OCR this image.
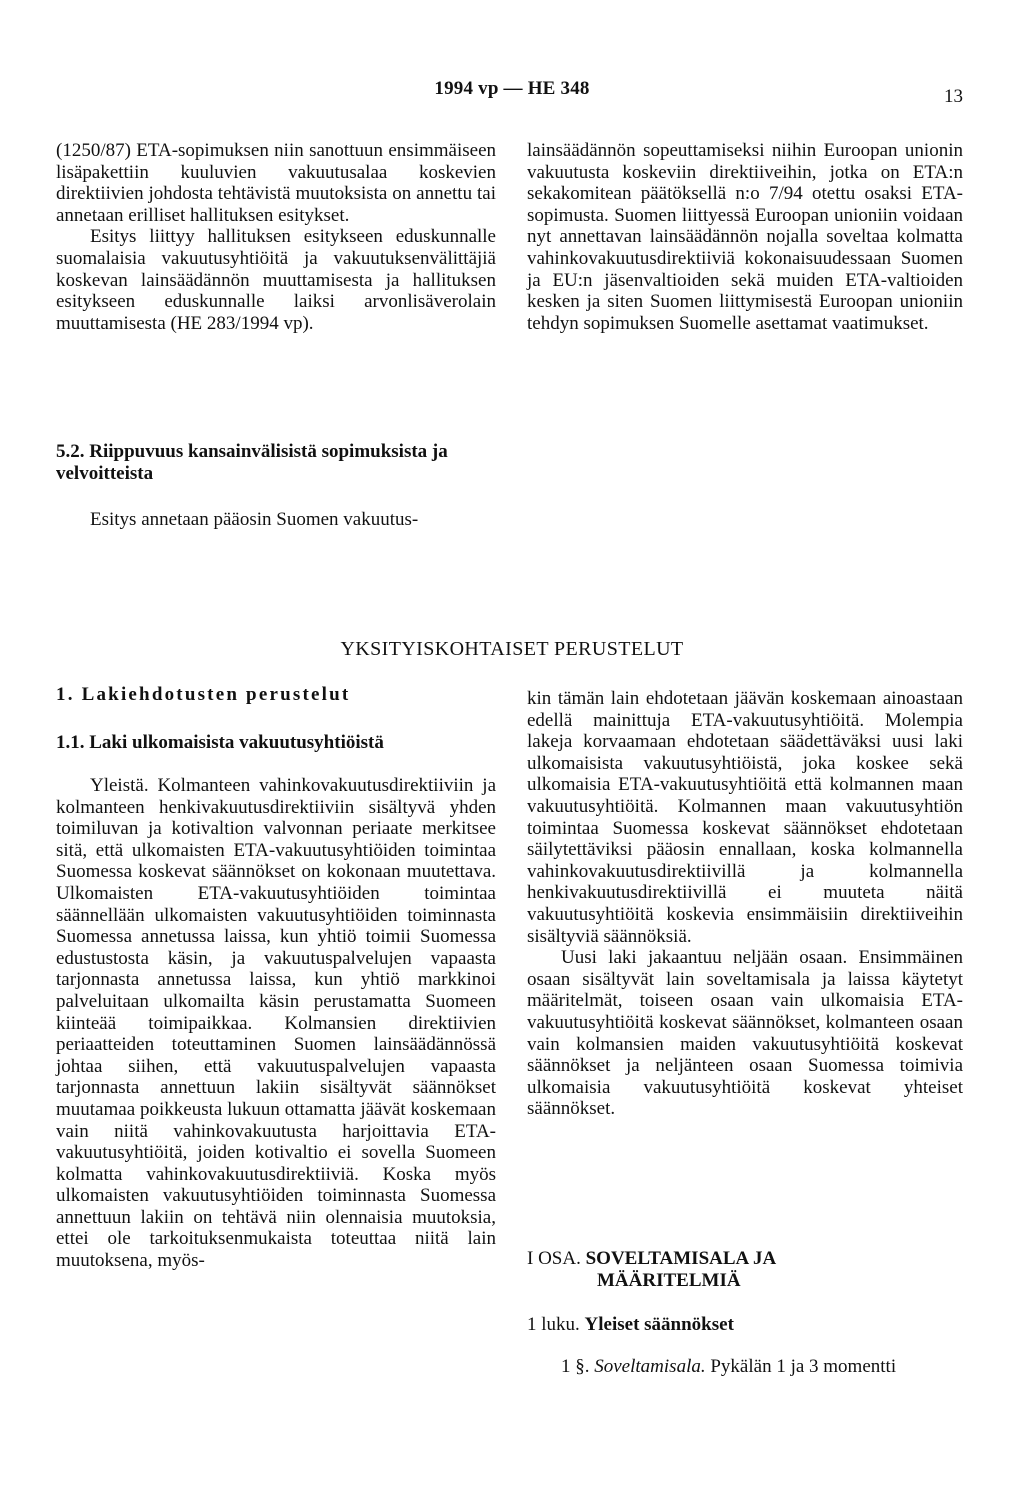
1994 vp — HE 348	13

(1250/87) ETA-sopimuksen niin sanottuun ensimmäiseen lisäpakettiin kuuluvien vakuutusalaa koskevien direktiivien johdosta tehtävistä muutoksista on annettu tai annetaan erilliset hallituksen esitykset.

Esitys liittyy hallituksen esitykseen eduskunnalle suomalaisia vakuutusyhtiöitä ja vakuutuksenvälittäjiä koskevan lainsäädännön muuttamisesta ja hallituksen esitykseen eduskunnalle laiksi arvonlisäverolain muuttamisesta (HE 283/1994 vp).

lainsäädännön sopeuttamiseksi niihin Euroopan unionin vakuutusta koskeviin direktiiveihin, jotka on ETA:n sekakomitean päätöksellä n:o 7/94 otettu osaksi ETA-sopimusta. Suomen liittyessä Euroopan unioniin voidaan nyt annettavan lainsäädännön nojalla soveltaa kolmatta vahinkovakuutusdirektiiviä kokonaisuudessaan Suomen ja EU:n jäsenvaltioiden sekä muiden ETA-valtioiden kesken ja siten Suomen liittymisestä Euroopan unioniin tehdyn sopimuksen Suomelle asettamat vaatimukset.

5.2. Riippuvuus kansainvälisistä sopimuksista ja velvoitteista

Esitys annetaan pääosin Suomen vakuutus-

YKSITYISKOHTAISET PERUSTELUT
1. Lakiehdotusten perustelut
1.1. Laki ulkomaisista vakuutusyhtiöistä

Yleistä. Kolmanteen vahinkovakuutusdirektiiviin ja kolmanteen henkivakuutusdirektiiviin sisältyvä yhden toimiluvan ja kotivaltion valvonnan periaate merkitsee sitä, että ulkomaisten ETA-vakuutusyhtiöiden toimintaa Suomessa koskevat säännökset on kokonaan muutettava. Ulkomaisten ETA-vakuutusyhtiöiden toimintaa säännellään ulkomaisten vakuutusyhtiöiden toiminnasta Suomessa annetussa laissa, kun yhtiö toimii Suomessa edustustosta käsin, ja vakuutuspalvelujen vapaasta tarjonnasta annetussa laissa, kun yhtiö markkinoi palveluitaan ulkomailta käsin perustamatta Suomeen kiinteää toimipaikkaa. Kolmansien direktiivien periaatteiden toteuttaminen Suomen lainsäädännössä johtaa siihen, että vakuutuspalvelujen vapaasta tarjonnasta annettuun lakiin sisältyvät säännökset muutamaa poikkeusta lukuun ottamatta jäävät koskemaan vain niitä vahinkovakuutusta harjoittavia ETA-vakuutusyhtiöitä, joiden kotivaltio ei sovella Suomeen kolmatta vahinkovakuutusdirektiiviä. Koska myös ulkomaisten vakuutusyhtiöiden toiminnasta Suomessa annettuun lakiin on tehtävä niin olennaisia muutoksia, ettei ole tarkoituksenmukaista toteuttaa niitä lain muutoksena, myös-

kin tämän lain ehdotetaan jäävän koskemaan ainoastaan edellä mainittuja ETA-vakuutusyhtiöitä. Molempia lakeja korvaamaan ehdotetaan säädettäväksi uusi laki ulkomaisista vakuutusyhtiöistä, joka koskee sekä ulkomaisia ETA-vakuutusyhtiöitä että kolmannen maan vakuutusyhtiöitä. Kolmannen maan vakuutusyhtiön toimintaa Suomessa koskevat säännökset ehdotetaan säilytettäviksi pääosin ennallaan, koska kolmannella vahinkovakuutusdirektiivillä ja kolmannella henkivakuutusdirektiivillä ei muuteta näitä vakuutusyhtiöitä koskevia ensimmäisiin direktiiveihin sisältyviä säännöksiä.

Uusi laki jakaantuu neljään osaan. Ensimmäinen osaan sisältyvät lain soveltamisala ja laissa käytetyt määritelmät, toiseen osaan vain ulkomaisia ETA-vakuutusyhtiöitä koskevat säännökset, kolmanteen osaan vain kolmansien maiden vakuutusyhtiöitä koskevat säännökset ja neljänteen osaan Suomessa toimivia ulkomaisia vakuutusyhtiöitä koskevat yhteiset säännökset.

I OSA. SOVELTAMISALA JA
MÄÄRITELMIÄ
1 luku. Yleiset säännökset
1 §. Soveltamisala. Pykälän 1 ja 3 momentti
